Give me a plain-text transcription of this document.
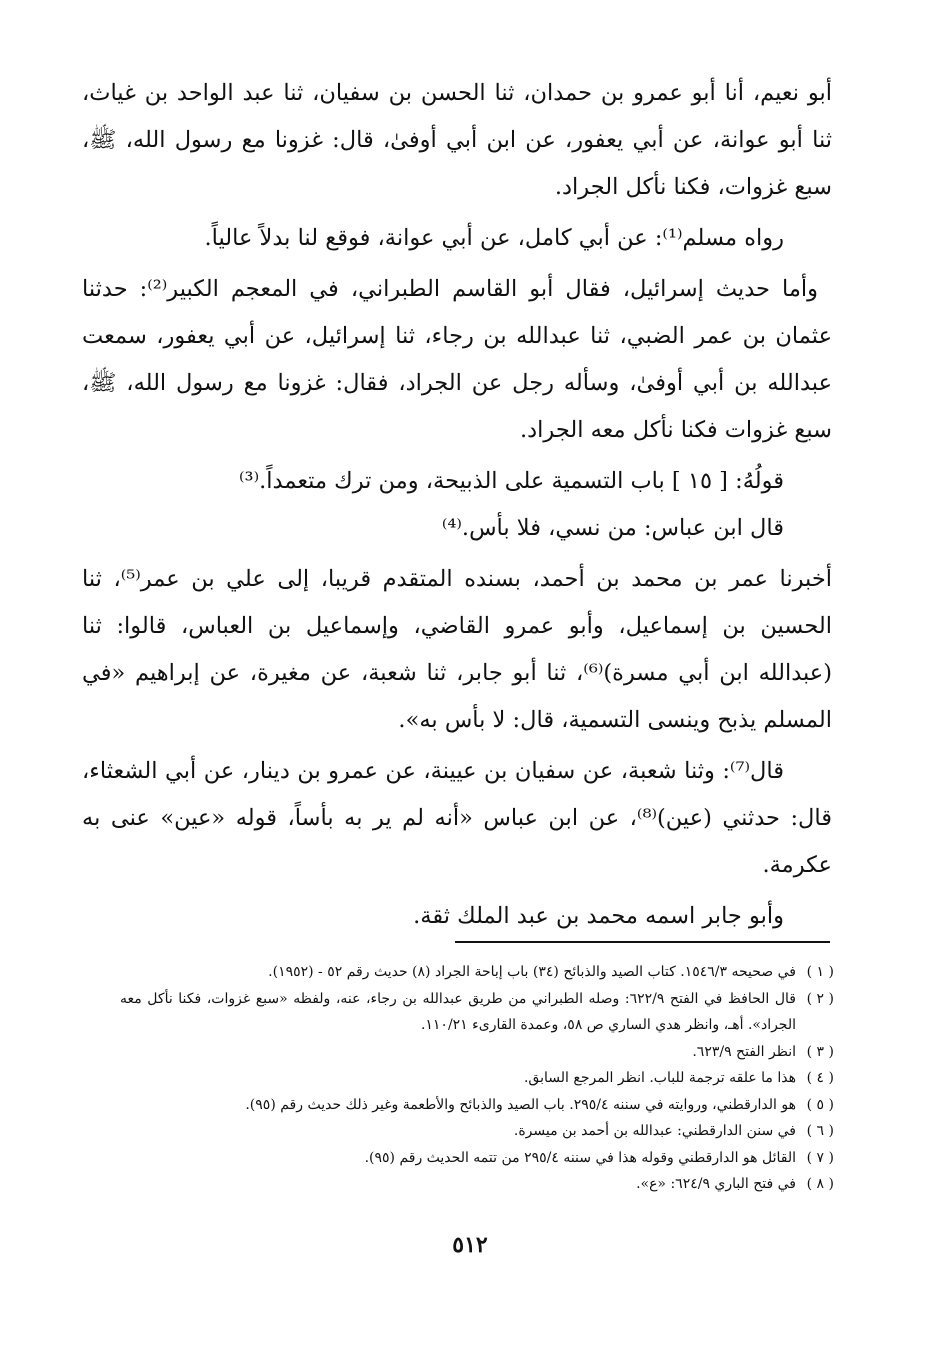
أبو نعيم، أنا أبو عمرو بن حمدان، ثنا الحسن بن سفيان، ثنا عبد الواحد بن غياث، ثنا أبو عوانة، عن أبي يعفور، عن ابن أبي أوفىٰ، قال: غزونا مع رسول الله، ﷺ، سبع غزوات، فكنا نأكل الجراد.

رواه مسلم⁽¹⁾: عن أبي كامل، عن أبي عوانة، فوقع لنا بدلاً عالياً.

وأما حديث إسرائيل، فقال أبو القاسم الطبراني، في المعجم الكبير⁽²⁾: حدثنا عثمان بن عمر الضبي، ثنا عبدالله بن رجاء، ثنا إسرائيل، عن أبي يعفور، سمعت عبدالله بن أبي أوفىٰ، وسأله رجل عن الجراد، فقال: غزونا مع رسول الله، ﷺ، سبع غزوات فكنا نأكل معه الجراد.

قولُهُ: [ ١٥ ] باب التسمية على الذبيحة، ومن ترك متعمداً.⁽³⁾

قال ابن عباس: من نسي، فلا بأس.⁽⁴⁾

أخبرنا عمر بن محمد بن أحمد، بسنده المتقدم قريبا، إلى علي بن عمر⁽⁵⁾، ثنا الحسين بن إسماعيل، وأبو عمرو القاضي، وإسماعيل بن العباس، قالوا: ثنا (عبدالله ابن أبي مسرة)⁽⁶⁾، ثنا أبو جابر، ثنا شعبة، عن مغيرة، عن إبراهيم «في المسلم يذبح وينسى التسمية، قال: لا بأس به».

قال⁽⁷⁾: وثنا شعبة، عن سفيان بن عيينة، عن عمرو بن دينار، عن أبي الشعثاء، قال: حدثني (عين)⁽⁸⁾، عن ابن عباس «أنه لم ير به بأساً، قوله «عين» عنى به عكرمة.

وأبو جابر اسمه محمد بن عبد الملك ثقة.

( ١ )
في صحيحه ١٥٤٦/٣. كتاب الصيد والذبائح (٣٤) باب إباحة الجراد (٨) حديث رقم ٥٢ - (١٩٥٢).
( ٢ )
قال الحافظ في الفتح ٦٢٢/٩: وصله الطبراني من طريق عبدالله بن رجاء، عنه، ولفظه «سبع غزوات، فكنا نأكل معه الجراد». أهـ، وانظر هدي الساري ص ٥٨، وعمدة القارىء ١١٠/٢١.
( ٣ )
انظر الفتح ٦٢٣/٩.
( ٤ )
هذا ما علقه ترجمة للباب. انظر المرجع السابق.
( ٥ )
هو الدارقطني، وروايته في سننه ٢٩٥/٤. باب الصيد والذبائح والأطعمة وغير ذلك حديث رقم (٩٥).
( ٦ )
في سنن الدارقطني: عبدالله بن أحمد بن ميسرة.
( ٧ )
القائل هو الدارقطني وقوله هذا في سننه ٢٩٥/٤ من تتمه الحديث رقم (٩٥).
( ٨ )
في فتح الباري ٦٢٤/٩: «ع».
٥١٢
